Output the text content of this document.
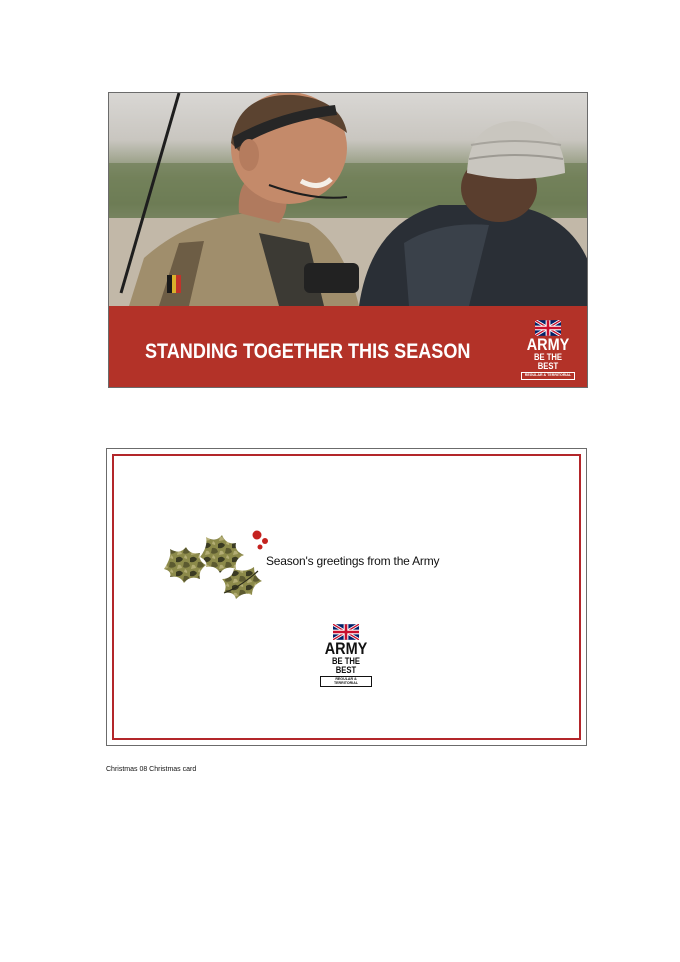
STANDING TOGETHER THIS SEASON	ARMY
BE THE BEST
REGULAR & TERRITORIAL
Season's greetings from the Army
ARMY
BE THE BEST
REGULAR & TERRITORIAL
Christmas 08 Christmas card
